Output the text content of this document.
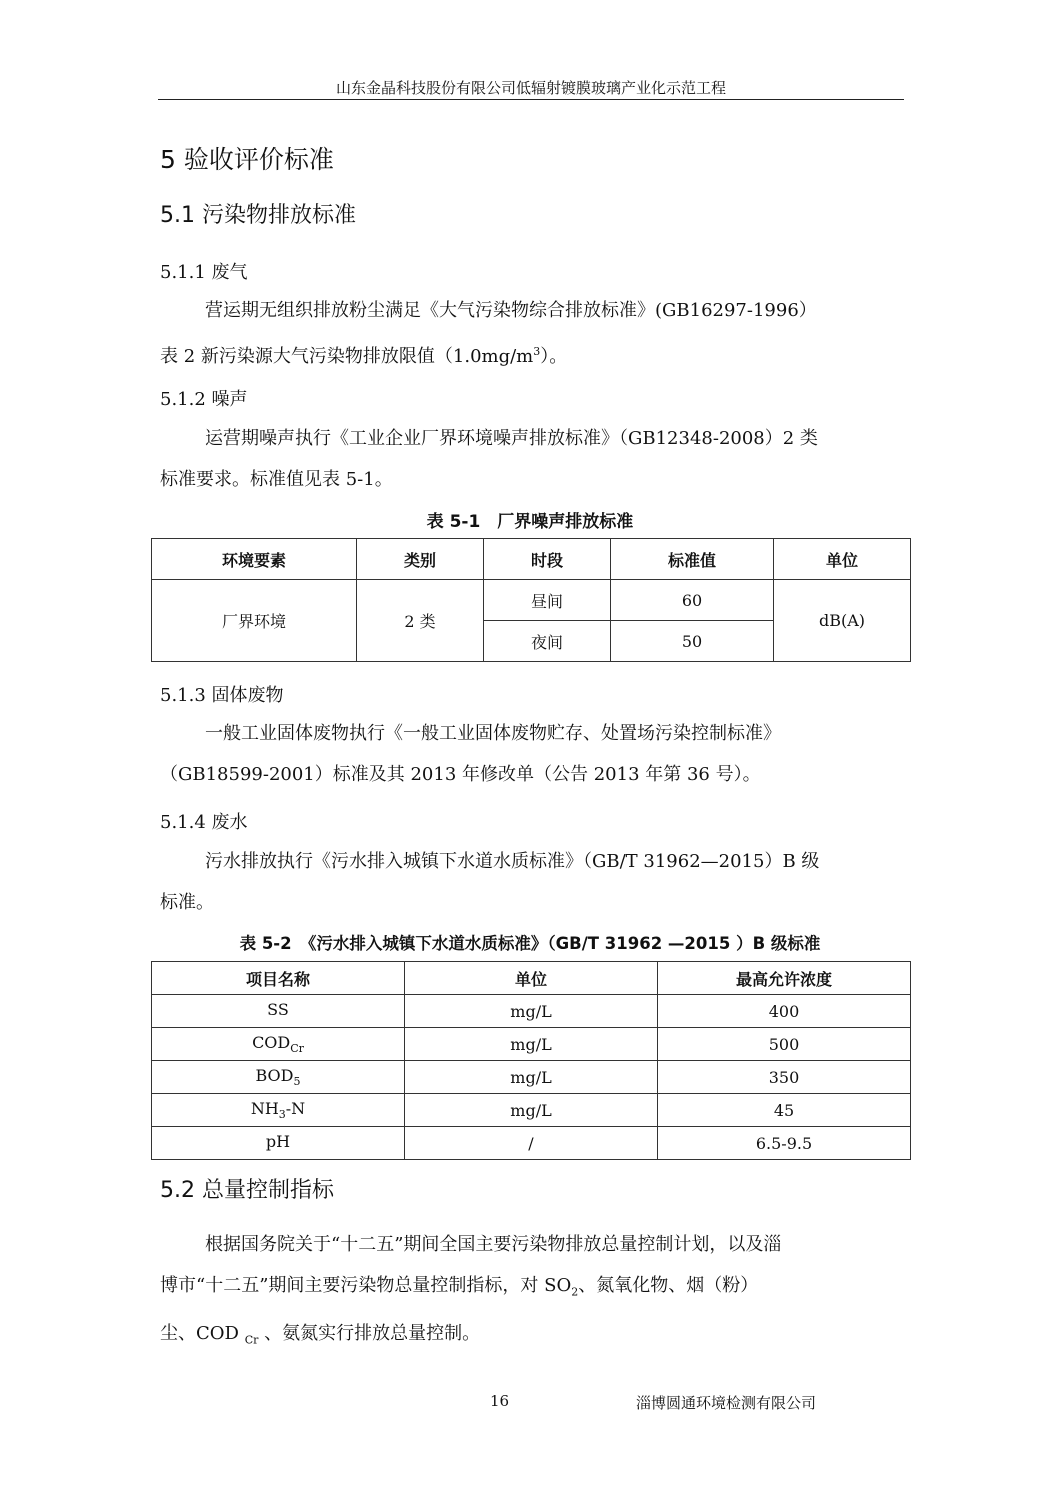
山东金晶科技股份有限公司低辐射镀膜玻璃产业化示范工程
5 验收评价标准
5.1 污染物排放标准
5.1.1 废气
营运期无组织排放粉尘满足《大气污染物综合排放标准》(GB16297-1996）
表 2 新污染源大气污染物排放限值$(1.0mg/m^3)$。
5.1.2 噪声
运营期噪声执行《工业企业厂界环境噪声排放标准》（GB12348-2008）2 类
标准要求。标准值见表 5-1。
表 5-1　厂界噪声排放标准
环境要素	类别	时段	标准值	单位
厂界环境	2 类	昼间	60	dB(A)
		夜间	50	
5.1.3 固体废物
一般工业固体废物执行《一般工业固体废物贮存、处置场污染控制标准》
（GB18599-2001）标准及其 2013 年修改单（公告 2013 年第 36 号）。
5.1.4 废水
污水排放执行《污水排入城镇下水道水质标准》（GB/T 31962—2015）B 级
标准。
表 5-2　《污水排入城镇下水道水质标准》（GB/T 31962 —2015 ）B 级标准
项目名称	单位	最高允许浓度
SS	mg/L	400
$COD_{Cr}$	mg/L	500
$BOD_5$	mg/L	350
$NH_3-N$	mg/L	45
pH	/	6.5-9.5
5.2 总量控制指标
根据国务院关于“十二五”期间全国主要污染物排放总量控制计划，以及淄
博市“十二五”期间主要污染物总量控制指标，对 $SO_2$、氮氧化物、烟（粉）
尘、COD $_{Cr}$ 、氨氮实行排放总量控制。
16	淄博圆通环境检测有限公司
